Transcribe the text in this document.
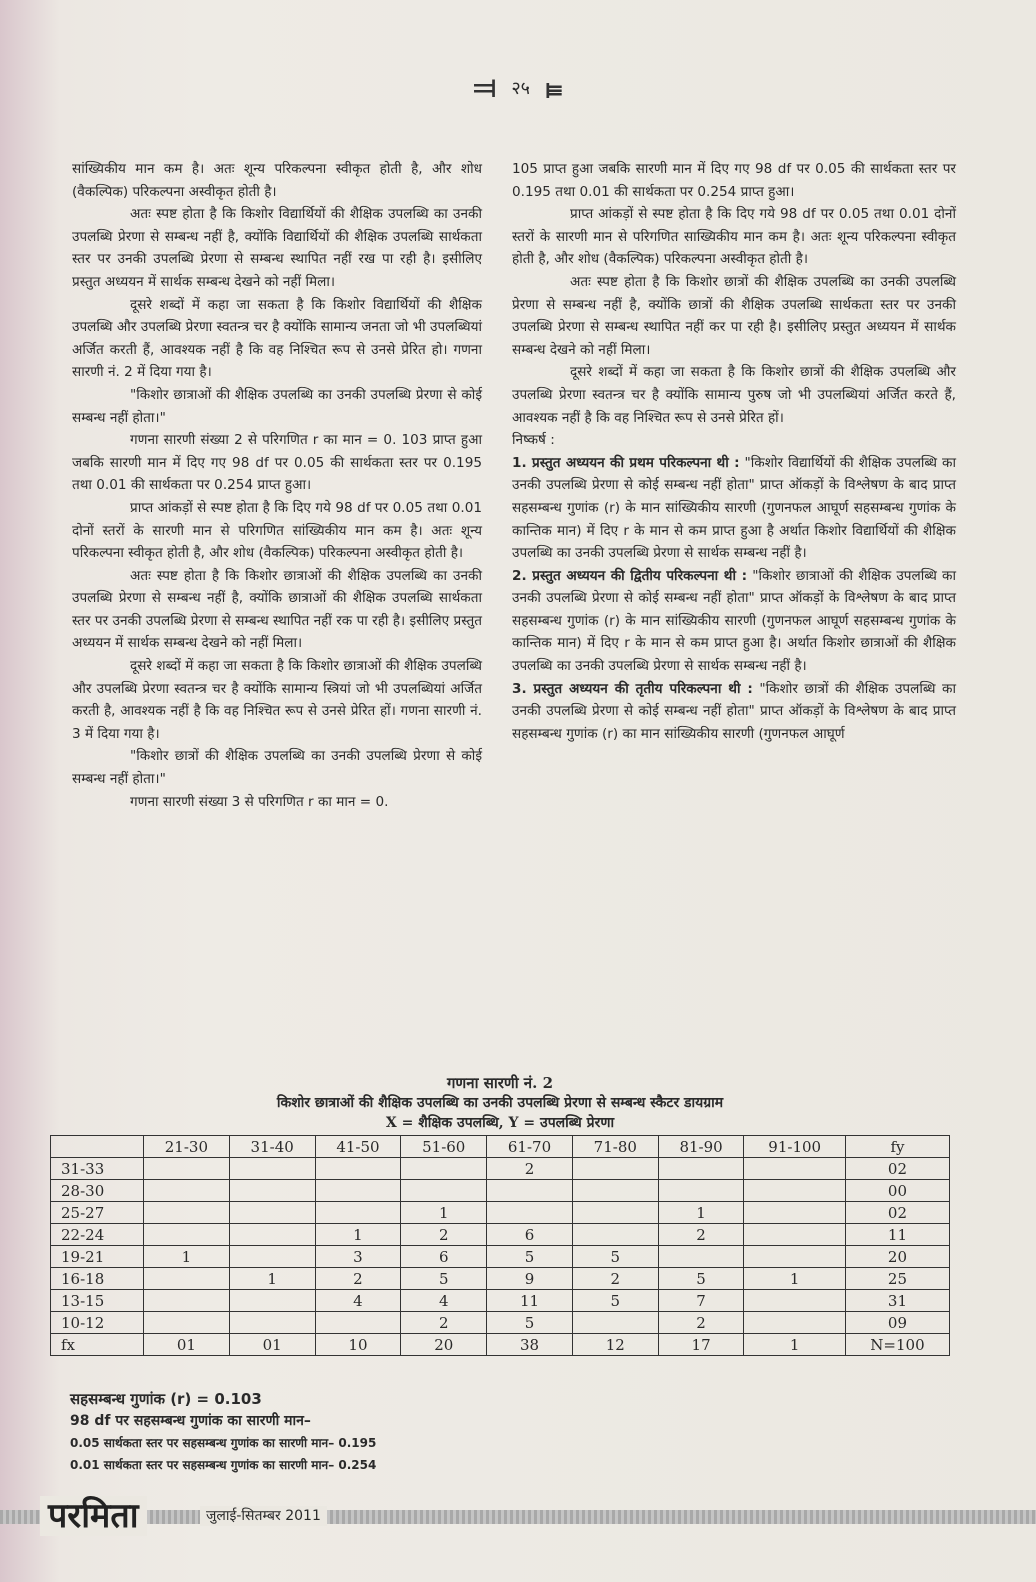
⫤ २५ ⫢

सांख्यिकीय मान कम है। अतः शून्य परिकल्पना स्वीकृत होती है, और शोध (वैकल्पिक) परिकल्पना अस्वीकृत होती है।

अतः स्पष्ट होता है कि किशोर विद्यार्थियों की शैक्षिक उपलब्धि का उनकी उपलब्धि प्रेरणा से सम्बन्ध नहीं है, क्योंकि विद्यार्थियों की शैक्षिक उपलब्धि सार्थकता स्तर पर उनकी उपलब्धि प्रेरणा से सम्बन्ध स्थापित नहीं रख पा रही है। इसीलिए प्रस्तुत अध्ययन में सार्थक सम्बन्ध देखने को नहीं मिला।

दूसरे शब्दों में कहा जा सकता है कि किशोर विद्यार्थियों की शैक्षिक उपलब्धि और उपलब्धि प्रेरणा स्वतन्त्र चर है क्योंकि सामान्य जनता जो भी उपलब्धियां अर्जित करती हैं, आवश्यक नहीं है कि वह निश्चित रूप से उनसे प्रेरित हो। गणना सारणी नं. 2 में दिया गया है।

"किशोर छात्राओं की शैक्षिक उपलब्धि का उनकी उपलब्धि प्रेरणा से कोई सम्बन्ध नहीं होता।"

गणना सारणी संख्या 2 से परिगणित r का मान = 0. 103 प्राप्त हुआ जबकि सारणी मान में दिए गए 98 df पर 0.05 की सार्थकता स्तर पर 0.195 तथा 0.01 की सार्थकता पर 0.254 प्राप्त हुआ।

प्राप्त आंकड़ों से स्पष्ट होता है कि दिए गये 98 df पर 0.05 तथा 0.01 दोनों स्तरों के सारणी मान से परिगणित सांख्यिकीय मान कम है। अतः शून्य परिकल्पना स्वीकृत होती है, और शोध (वैकल्पिक) परिकल्पना अस्वीकृत होती है।

अतः स्पष्ट होता है कि किशोर छात्राओं की शैक्षिक उपलब्धि का उनकी उपलब्धि प्रेरणा से सम्बन्ध नहीं है, क्योंकि छात्राओं की शैक्षिक उपलब्धि सार्थकता स्तर पर उनकी उपलब्धि प्रेरणा से सम्बन्ध स्थापित नहीं रक पा रही है। इसीलिए प्रस्तुत अध्ययन में सार्थक सम्बन्ध देखने को नहीं मिला।

दूसरे शब्दों में कहा जा सकता है कि किशोर छात्राओं की शैक्षिक उपलब्धि और उपलब्धि प्रेरणा स्वतन्त्र चर है क्योंकि सामान्य स्त्रियां जो भी उपलब्धियां अर्जित करती है, आवश्यक नहीं है कि वह निश्चित रूप से उनसे प्रेरित हों। गणना सारणी नं. 3 में दिया गया है।

"किशोर छात्रों की शैक्षिक उपलब्धि का उनकी उपलब्धि प्रेरणा से कोई सम्बन्ध नहीं होता।"

गणना सारणी संख्या 3 से परिगणित r का मान = 0.

105 प्राप्त हुआ जबकि सारणी मान में दिए गए 98 df पर 0.05 की सार्थकता स्तर पर 0.195 तथा 0.01 की सार्थकता पर 0.254 प्राप्त हुआ।

प्राप्त आंकड़ों से स्पष्ट होता है कि दिए गये 98 df पर 0.05 तथा 0.01 दोनों स्तरों के सारणी मान से परिगणित साख्यिकीय मान कम है। अतः शून्य परिकल्पना स्वीकृत होती है, और शोध (वैकल्पिक) परिकल्पना अस्वीकृत होती है।

अतः स्पष्ट होता है कि किशोर छात्रों की शैक्षिक उपलब्धि का उनकी उपलब्धि प्रेरणा से सम्बन्ध नहीं है, क्योंकि छात्रों की शैक्षिक उपलब्धि सार्थकता स्तर पर उनकी उपलब्धि प्रेरणा से सम्बन्ध स्थापित नहीं कर पा रही है। इसीलिए प्रस्तुत अध्ययन में सार्थक सम्बन्ध देखने को नहीं मिला।

दूसरे शब्दों में कहा जा सकता है कि किशोर छात्रों की शैक्षिक उपलब्धि और उपलब्धि प्रेरणा स्वतन्त्र चर है क्योंकि सामान्य पुरुष जो भी उपलब्धियां अर्जित करते हैं, आवश्यक नहीं है कि वह निश्चित रूप से उनसे प्रेरित हों।

निष्कर्ष :

1. प्रस्तुत अध्ययन की प्रथम परिकल्पना थी : "किशोर विद्यार्थियों की शैक्षिक उपलब्धि का उनकी उपलब्धि प्रेरणा से कोई सम्बन्ध नहीं होता" प्राप्त ऑकड़ों के विश्लेषण के बाद प्राप्त सहसम्बन्ध गुणांक (r) के मान सांख्यिकीय सारणी (गुणनफल आघूर्ण सहसम्बन्ध गुणांक के कान्तिक मान) में दिए r के मान से कम प्राप्त हुआ है अर्थात किशोर विद्यार्थियों की शैक्षिक उपलब्धि का उनकी उपलब्धि प्रेरणा से सार्थक सम्बन्ध नहीं है।

2. प्रस्तुत अध्ययन की द्वितीय परिकल्पना थी : "किशोर छात्राओं की शैक्षिक उपलब्धि का उनकी उपलब्धि प्रेरणा से कोई सम्बन्ध नहीं होता" प्राप्त ऑकड़ों के विश्लेषण के बाद प्राप्त सहसम्बन्ध गुणांक (r) के मान सांख्यिकीय सारणी (गुणनफल आघूर्ण सहसम्बन्ध गुणांक के कान्तिक मान) में दिए r के मान से कम प्राप्त हुआ है। अर्थात किशोर छात्राओं की शैक्षिक उपलब्धि का उनकी उपलब्धि प्रेरणा से सार्थक सम्बन्ध नहीं है।

3. प्रस्तुत अध्ययन की तृतीय परिकल्पना थी : "किशोर छात्रों की शैक्षिक उपलब्धि का उनकी उपलब्धि प्रेरणा से कोई सम्बन्ध नहीं होता" प्राप्त ऑकड़ों के विश्लेषण के बाद प्राप्त सहसम्बन्ध गुणांक (r) का मान सांख्यिकीय सारणी (गुणनफल आघूर्ण

गणना सारणी नं. 2
किशोर छात्राओं की शैक्षिक उपलब्धि का उनकी उपलब्धि प्रेरणा से सम्बन्ध स्कैटर डायग्राम
X = शैक्षिक उपलब्धि, Y = उपलब्धि प्रेरणा
	21-30	31-40	41-50	51-60	61-70	71-80	81-90	91-100	fy
31-33					2				02
28-30									00
25-27				1			1		02
22-24			1	2	6		2		11
19-21	1		3	6	5	5			20
16-18		1	2	5	9	2	5	1	25
13-15			4	4	11	5	7		31
10-12				2	5		2		09
fx	01	01	10	20	38	12	17	1	N=100
सहसम्बन्ध गुणांक (r) = 0.103
98 df पर सहसम्बन्ध गुणांक का सारणी मान–
0.05 सार्थकता स्तर पर सहसम्बन्ध गुणांक का सारणी मान– 0.195
0.01 सार्थकता स्तर पर सहसम्बन्ध गुणांक का सारणी मान– 0.254
परमिता	जुलाई-सितम्बर 2011
